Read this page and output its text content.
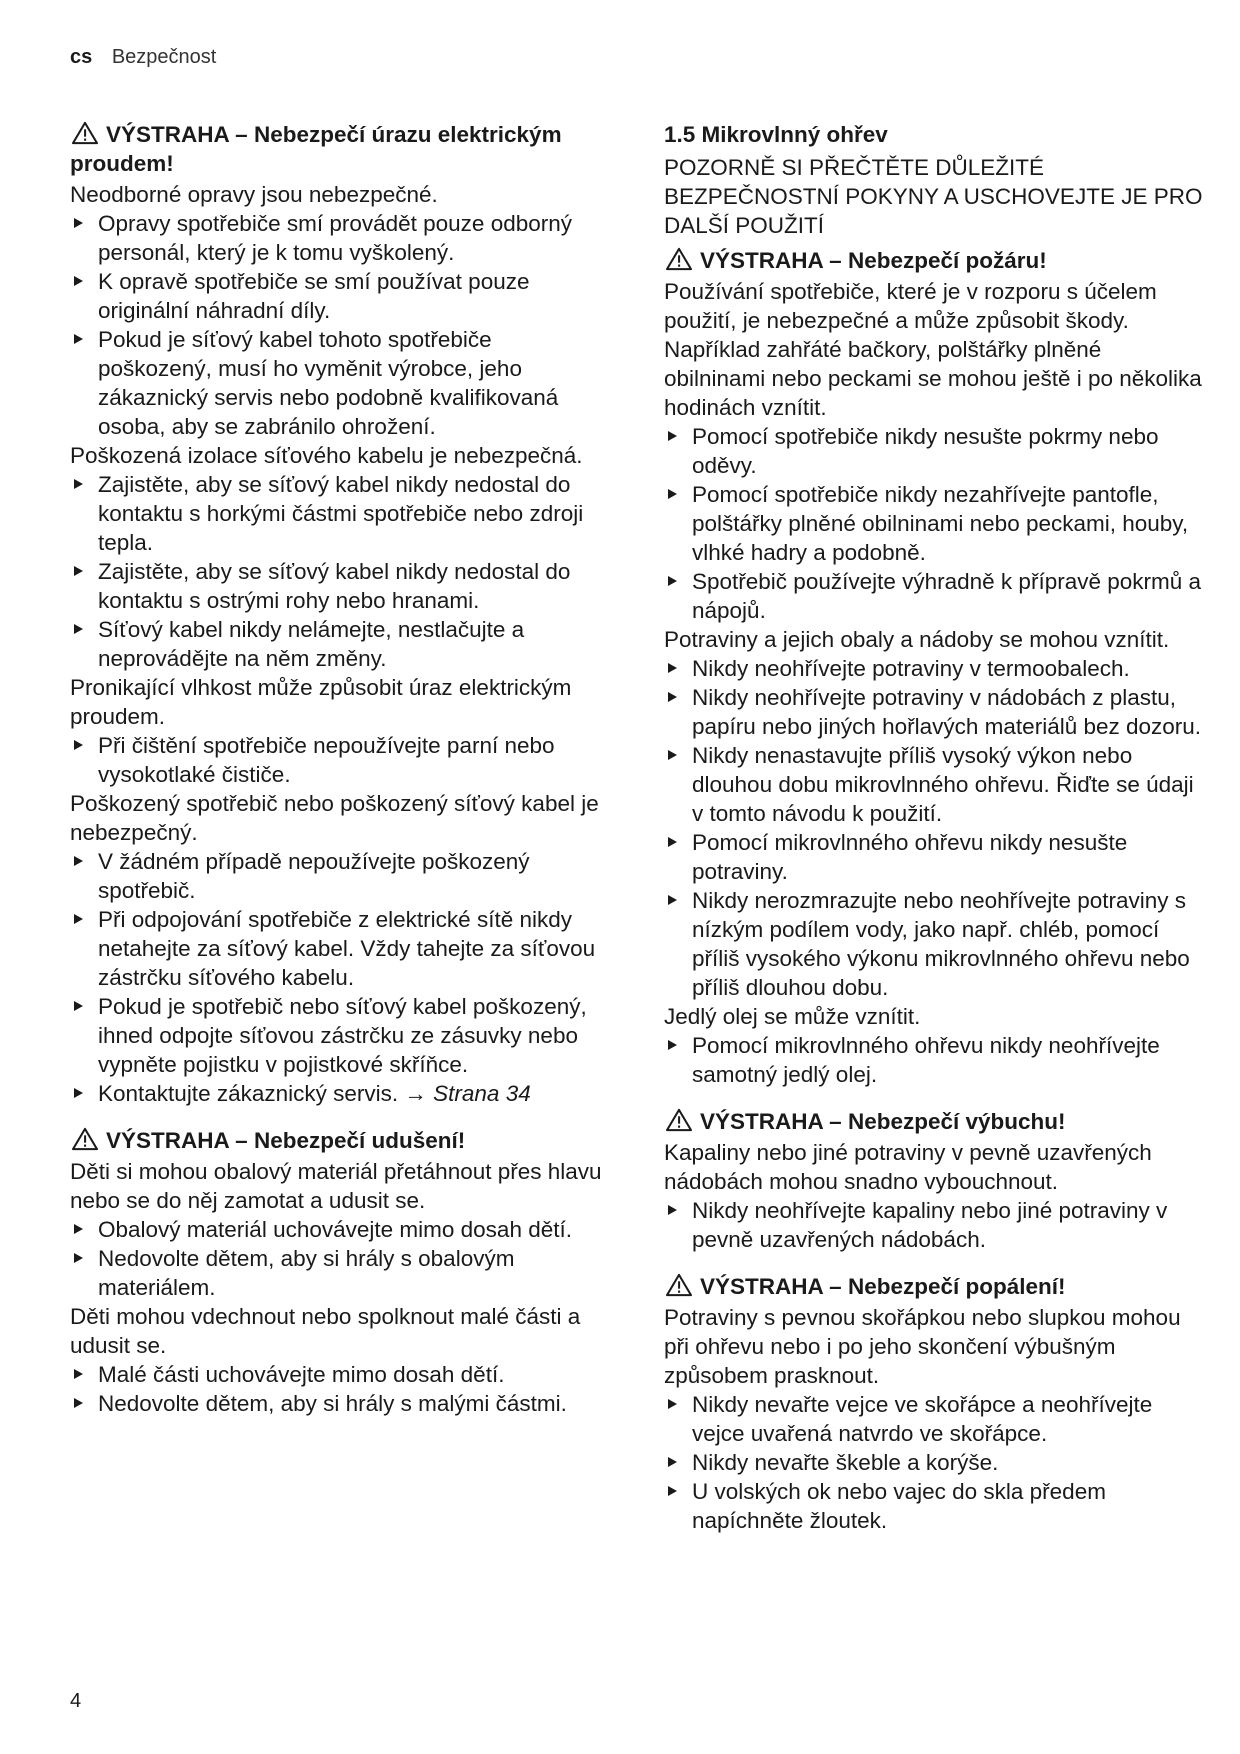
cs Bezpečnost
VÝSTRAHA – Nebezpečí úrazu elektrickým proudem!

Neodborné opravy jsou nebezpečné.

Opravy spotřebiče smí provádět pouze odborný personál, který je k tomu vyškolený.
K opravě spotřebiče se smí používat pouze originální náhradní díly.
Pokud je síťový kabel tohoto spotřebiče poškozený, musí ho vyměnit výrobce, jeho zákaznický servis nebo podobně kvalifikovaná osoba, aby se zabránilo ohrožení.

Poškozená izolace síťového kabelu je nebezpečná.

Zajistěte, aby se síťový kabel nikdy nedostal do kontaktu s horkými částmi spotřebiče nebo zdroji tepla.
Zajistěte, aby se síťový kabel nikdy nedostal do kontaktu s ostrými rohy nebo hranami.
Síťový kabel nikdy nelámejte, nestlačujte a neprovádějte na něm změny.

Pronikající vlhkost může způsobit úraz elektrickým proudem.

Při čištění spotřebiče nepoužívejte parní nebo vysokotlaké čističe.

Poškozený spotřebič nebo poškozený síťový kabel je nebezpečný.

V žádném případě nepoužívejte poškozený spotřebič.
Při odpojování spotřebiče z elektrické sítě nikdy netahejte za síťový kabel. Vždy tahejte za síťovou zástrčku síťového kabelu.
Pokud je spotřebič nebo síťový kabel poškozený, ihned odpojte síťovou zástrčku ze zásuvky nebo vypněte pojistku v pojistkové skříňce.
Kontaktujte zákaznický servis. → Strana 34
VÝSTRAHA – Nebezpečí udušení!

Děti si mohou obalový materiál přetáhnout přes hlavu nebo se do něj zamotat a udusit se.

Obalový materiál uchovávejte mimo dosah dětí.
Nedovolte dětem, aby si hrály s obalovým materiálem.

Děti mohou vdechnout nebo spolknout malé části a udusit se.

Malé části uchovávejte mimo dosah dětí.
Nedovolte dětem, aby si hrály s malými částmi.
1.5 Mikrovlnný ohřev

POZORNĚ SI PŘEČTĚTE DŮLEŽITÉ BEZPEČNOSTNÍ POKYNY A USCHOVEJTE JE PRO DALŠÍ POUŽITÍ

VÝSTRAHA – Nebezpečí požáru!

Používání spotřebiče, které je v rozporu s účelem použití, je nebezpečné a může způsobit škody. Například zahřáté bačkory, polštářky plněné obilninami nebo peckami se mohou ještě i po několika hodinách vznítit.

Pomocí spotřebiče nikdy nesušte pokrmy nebo oděvy.
Pomocí spotřebiče nikdy nezahřívejte pantofle, polštářky plněné obilninami nebo peckami, houby, vlhké hadry a podobně.
Spotřebič používejte výhradně k přípravě pokrmů a nápojů.

Potraviny a jejich obaly a nádoby se mohou vznítit.

Nikdy neohřívejte potraviny v termoobalech.
Nikdy neohřívejte potraviny v nádobách z plastu, papíru nebo jiných hořlavých materiálů bez dozoru.
Nikdy nenastavujte příliš vysoký výkon nebo dlouhou dobu mikrovlnného ohřevu. Řiďte se údaji v tomto návodu k použití.
Pomocí mikrovlnného ohřevu nikdy nesušte potraviny.
Nikdy nerozmrazujte nebo neohřívejte potraviny s nízkým podílem vody, jako např. chléb, pomocí příliš vysokého výkonu mikrovlnného ohřevu nebo příliš dlouhou dobu.

Jedlý olej se může vznítit.

Pomocí mikrovlnného ohřevu nikdy neohřívejte samotný jedlý olej.
VÝSTRAHA – Nebezpečí výbuchu!

Kapaliny nebo jiné potraviny v pevně uzavřených nádobách mohou snadno vybouchnout.

Nikdy neohřívejte kapaliny nebo jiné potraviny v pevně uzavřených nádobách.
VÝSTRAHA – Nebezpečí popálení!

Potraviny s pevnou skořápkou nebo slupkou mohou při ohřevu nebo i po jeho skončení výbušným způsobem prasknout.

Nikdy nevařte vejce ve skořápce a neohřívejte vejce uvařená natvrdo ve skořápce.
Nikdy nevařte škeble a korýše.
U volských ok nebo vajec do skla předem napíchněte žloutek.
4
